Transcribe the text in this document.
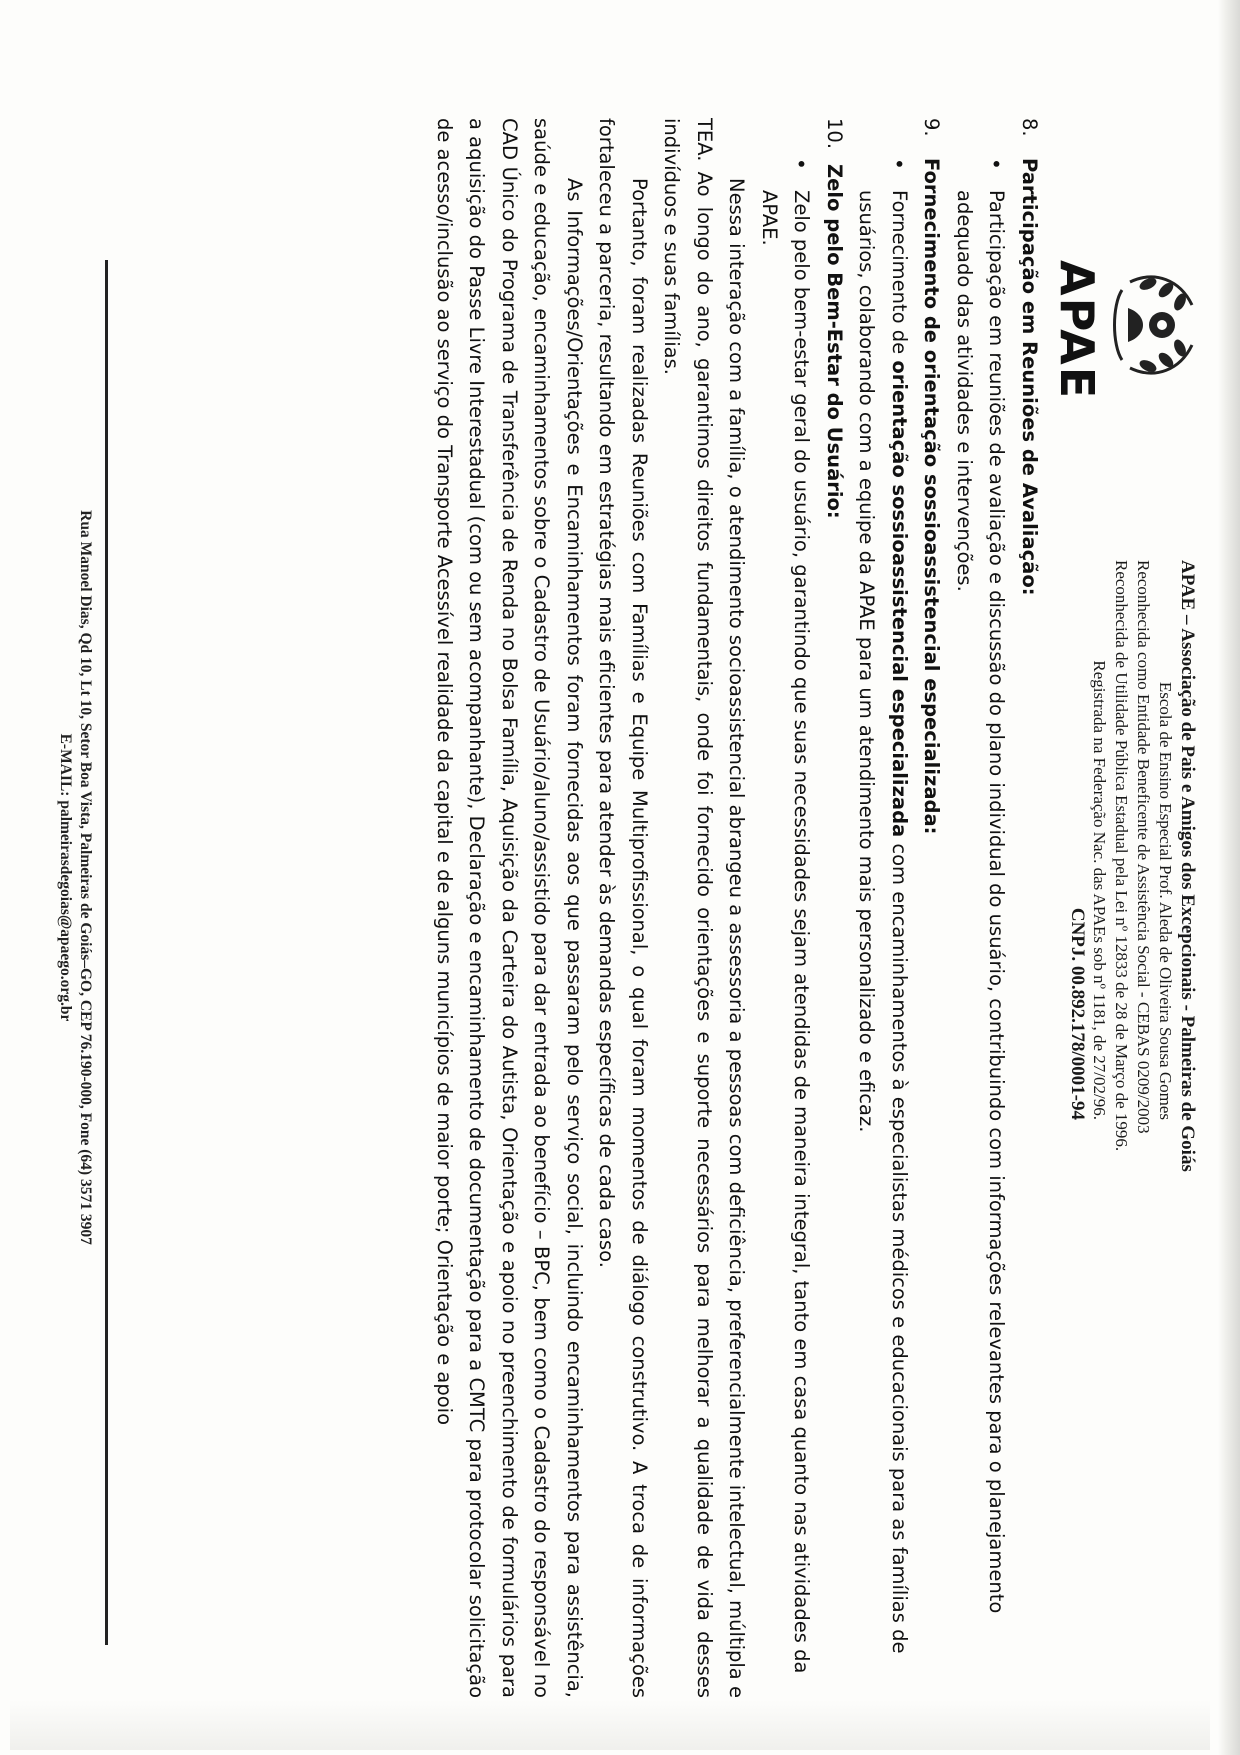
APAE
APAE – Associação de Pais e Amigos dos Excepcionais - Palmeiras de Goiás
Escola de Ensino Especial Prof. Aleda de Oliveira Sousa Gomes
Reconhecida como Entidade Beneficente de Assistência Social - CEBAS 0209/2003
Reconhecida de Utilidade Pública Estadual pela Lei nº 12833 de 28 de Março de 1996.
Registrada na Federação Nac. das APAEs sob nº 1181, de 27/02/96.
CNPJ. 00.892.178/0001-94

8.Participação em Reuniões de Avaliação:

•
Participação em reuniões de avaliação e discussão do plano individual do usuário, contribuindo com informações relevantes para o planejamento adequado das atividades e intervenções.

9.Fornecimento de orientação sossioassistencial especializada:

•
Fornecimento de orientação sossioassistencial especializada com encaminhamentos à especialistas médicos e educacionais para as famílias de usuários, colaborando com a equipe da APAE para um atendimento mais personalizado e eficaz.

10.Zelo pelo Bem-Estar do Usuário:

•
Zelo pelo bem-estar geral do usuário, garantindo que suas necessidades sejam atendidas de maneira integral, tanto em casa quanto nas atividades da APAE.

Nessa interação com a família, o atendimento socioassistencial abrangeu a assessoria a pessoas com deficiência, preferencialmente intelectual, múltipla e TEA. Ao longo do ano, garantimos direitos fundamentais, onde foi fornecido orientações e suporte necessários para melhorar a qualidade de vida desses indivíduos e suas famílias.

Portanto, foram realizadas Reuniões com Famílias e Equipe Multiprofissional, o qual foram momentos de diálogo construtivo. A troca de informações fortaleceu a parceria, resultando em estratégias mais eficientes para atender às demandas específicas de cada caso.

As Informações/Orientações e Encaminhamentos foram fornecidas aos que passaram pelo serviço social, incluindo encaminhamentos para assistência, saúde e educação, encaminhamentos sobre o Cadastro de Usuário/aluno/assistido para dar entrada ao benefício – BPC, bem como o Cadastro do responsável no CAD Único do Programa de Transferência de Renda no Bolsa Família, Aquisição da Carteira do Autista, Orientação e apoio no preenchimento de formulários para a aquisição do Passe Livre Interestadual (com ou sem acompanhante), Declaração e encaminhamento de documentação para a CMTC para protocolar solicitação de acesso/inclusão ao serviço do Transporte Acessível realidade da capital e de alguns municípios de maior porte; Orientação e apoio

Rua Manoel Dias, Qd 10, Lt 10, Setor Boa Vista, Palmeiras de Goiás–GO, CEP 76.190-000, Fone (64) 3571 3907
E-MAIL: palmeirasdegoias@apaego.org.br
